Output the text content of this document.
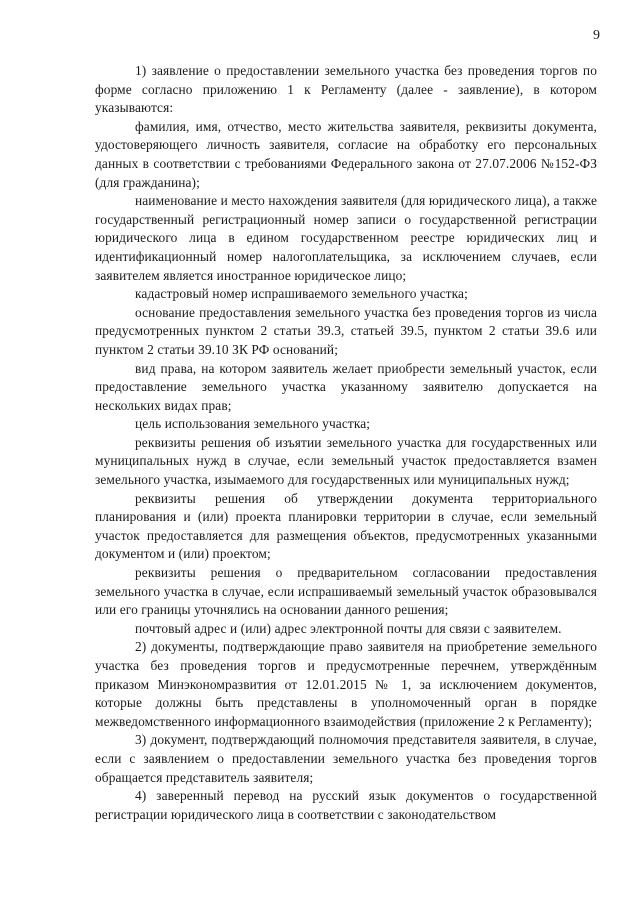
9

1) заявление о предоставлении земельного участка без проведения торгов по форме согласно приложению 1 к Регламенту (далее - заявление), в котором указываются:

фамилия, имя, отчество, место жительства заявителя, реквизиты документа, удостоверяющего личность заявителя, согласие на обработку его персональных данных в соответствии с требованиями Федерального закона от 27.07.2006 №152-ФЗ (для гражданина);

наименование и место нахождения заявителя (для юридического лица), а также государственный регистрационный номер записи о государственной регистрации юридического лица в едином государственном реестре юридических лиц и идентификационный номер налогоплательщика, за исключением случаев, если заявителем является иностранное юридическое лицо;

кадастровый номер испрашиваемого земельного участка;

основание предоставления земельного участка без проведения торгов из числа предусмотренных пунктом 2 статьи 39.3, статьей 39.5, пунктом 2 статьи 39.6 или пунктом 2 статьи 39.10 ЗК РФ оснований;

вид права, на котором заявитель желает приобрести земельный участок, если предоставление земельного участка указанному заявителю допускается на нескольких видах прав;

цель использования земельного участка;

реквизиты решения об изъятии земельного участка для государственных или муниципальных нужд в случае, если земельный участок предоставляется взамен земельного участка, изымаемого для государственных или муниципальных нужд;

реквизиты решения об утверждении документа территориального планирования и (или) проекта планировки территории в случае, если земельный участок предоставляется для размещения объектов, предусмотренных указанными документом и (или) проектом;

реквизиты решения о предварительном согласовании предоставления земельного участка в случае, если испрашиваемый земельный участок образовывался или его границы уточнялись на основании данного решения;

почтовый адрес и (или) адрес электронной почты для связи с заявителем.

2) документы, подтверждающие право заявителя на приобретение земельного участка без проведения торгов и предусмотренные перечнем, утверждённым приказом Минэкономразвития от 12.01.2015 № 1, за исключением документов, которые должны быть представлены в уполномоченный орган в порядке межведомственного информационного взаимодействия (приложение 2 к Регламенту);

3) документ, подтверждающий полномочия представителя заявителя, в случае, если с заявлением о предоставлении земельного участка без проведения торгов обращается представитель заявителя;

4) заверенный перевод на русский язык документов о государственной регистрации юридического лица в соответствии с законодательством
